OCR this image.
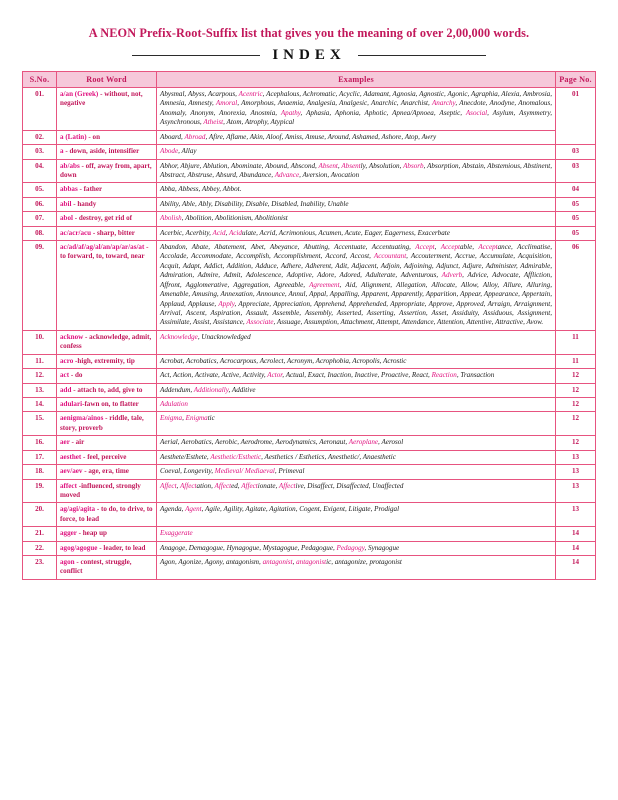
A NEON Prefix-Root-Suffix list that gives you the meaning of over 2,00,000 words.
INDEX
S.No.	Root Word	Examples	Page No.
01.	a/an (Greek) - without, not, negative	Abysmal, Abyss, Acarpous, Acentric, Acephalous, Achromatic, Acyclic, Adamant, Agnosia, Agnostic, Agonic, Agraphia, Alexia, Ambrosia, Amnesia, Amnesty, Amoral, Amorphous, Anaemia, Analgesia, Analgesic, Anarchic, Anarchist, Anarchy, Anecdote, Anodyne, Anomalous, Anomaly, Anonym, Anorexia, Anosmia, Apathy, Aphasia, Aphonia, Aphotic, Apnea/Apnoea, Aseptic, Asocial, Asylum, Asymmetry, Asynchronous, Atheist, Atom, Atrophy, Atypical	01
02.	a (Latin) - on	Aboard, Abroad, Afire, Aflame, Akin, Aloof, Amiss, Amuse, Around, Ashamed, Ashore, Atop, Awry	
03.	a - down, aside, intensifier	Abode, Allay	03
04.	ab/abs - off, away from, apart, down	Abhor, Abjure, Ablution, Abominate, Abound, Abscond, Absent, Absently, Absolution, Absorb, Absorption, Abstain, Abstemious, Abstinent, Abstract, Abstruse, Absurd, Abundance, Advance, Aversion, Avocation	03
05.	abbas - father	Abba, Abbess, Abbey, Abbot.	04
06.	abil - handy	Ability, Able, Ably, Disability, Disable, Disabled, Inability, Unable	05
07.	abol - destroy, get rid of	Abolish, Abolition, Abolitionism, Abolitionist	05
08.	ac/acr/acu - sharp, bitter	Acerbic, Acerbity, Acid, Acidulate, Acrid, Acrimonious, Acumen, Acute, Eager, Eagerness, Exacerbate	05
09.	ac/ad/af/ag/al/an/ap/ar/as/at - to forward, to, toward, near	Abandon, Abate, Abatement, Abet, Abeyance, Abutting, Accentuate, Accentuating, Accept, Acceptable, Acceptance, Acclimatise, Accolade, Accommodate, Accomplish, Accomplishment, Accord, Accost, Accountant, Accouterment, Accrue, Accumulate, Acquisition, Acquit, Adapt, Addict, Addition, Adduce, Adhere, Adherent, Adit, Adjacent, Adjoin, Adjoining, Adjunct, Adjure, Administer, Admirable, Admiration, Admire, Admit, Adolescence, Adoptive, Adore, Adored, Adulterate, Adventurous, Adverb, Advice, Advocate, Affliction, Affront, Agglomerative, Aggregation, Agreeable, Agreement, Aid, Alignment, Allegation, Allocate, Allow, Alloy, Allure, Alluring, Amenable, Amusing, Annexation, Announce, Annul, Appal, Appalling, Apparent, Apparently, Apparition, Appear, Appearance, Appertain, Applaud, Applause, Apply, Appreciate, Appreciation, Apprehend, Apprehended, Appropriate, Approve, Approved, Arraign, Arraignment, Arrival, Ascent, Aspiration, Assault, Assemble, Assembly, Asserted, Asserting, Assertion, Asset, Assiduity, Assiduous, Assignment, Assimilate, Assist, Assistance, Associate, Assuage, Assumption, Attachment, Attempt, Attendance, Attention, Attentive, Attractive, Avow.	06
10.	acknow - acknowledge, admit, confess	Acknowledge, Unacknowledged	11
11.	acro -high, extremity, tip	Acrobat, Acrobatics, Acrocarpous, Acrolect, Acronym, Acrophobia, Acropolis, Acrostic	11
12.	act - do	Act, Action, Activate, Active, Activity, Actor, Actual, Exact, Inaction, Inactive, Proactive, React, Reaction, Transaction	12
13.	add - attach to, add, give to	Addendum, Additionally, Additive	12
14.	adulari-fawn on, to flatter	Adulation	12
15.	aenigma/ainos - riddle, tale, story, proverb	Enigma, Enigmatic	12
16.	aer - air	Aerial, Aerobatics, Aerobic, Aerodrome, Aerodynamics, Aeronaut, Aeroplane, Aerosol	12
17.	aesthet - feel, perceive	Aesthete/Esthete, Aesthetic/Esthetic, Aesthetics / Esthetics, Anesthetic/, Anaesthetic	13
18.	aev/aev - age, era, time	Coeval, Longevity, Medieval/ Mediaeval, Primeval	13
19.	affect -influenced, strongly moved	Affect, Affectation, Affected, Affectionate, Affective, Disaffect, Disaffected, Unaffected	13
20.	ag/agi/agita - to do, to drive, to force, to lead	Agenda, Agent, Agile, Agility, Agitate, Agitation, Cogent, Exigent, Litigate, Prodigal	13
21.	agger - heap up	Exaggerate	14
22.	agog/agogue - leader, to lead	Anagoge, Demagogue, Hynagogue, Mystagogue, Pedagogue, Pedagogy, Synagogue	14
23.	agon - contest, struggle, conflict	Agon, Agonize, Agony, antagonism, antagonist, antagonistic, antagonize, protagonist	14
